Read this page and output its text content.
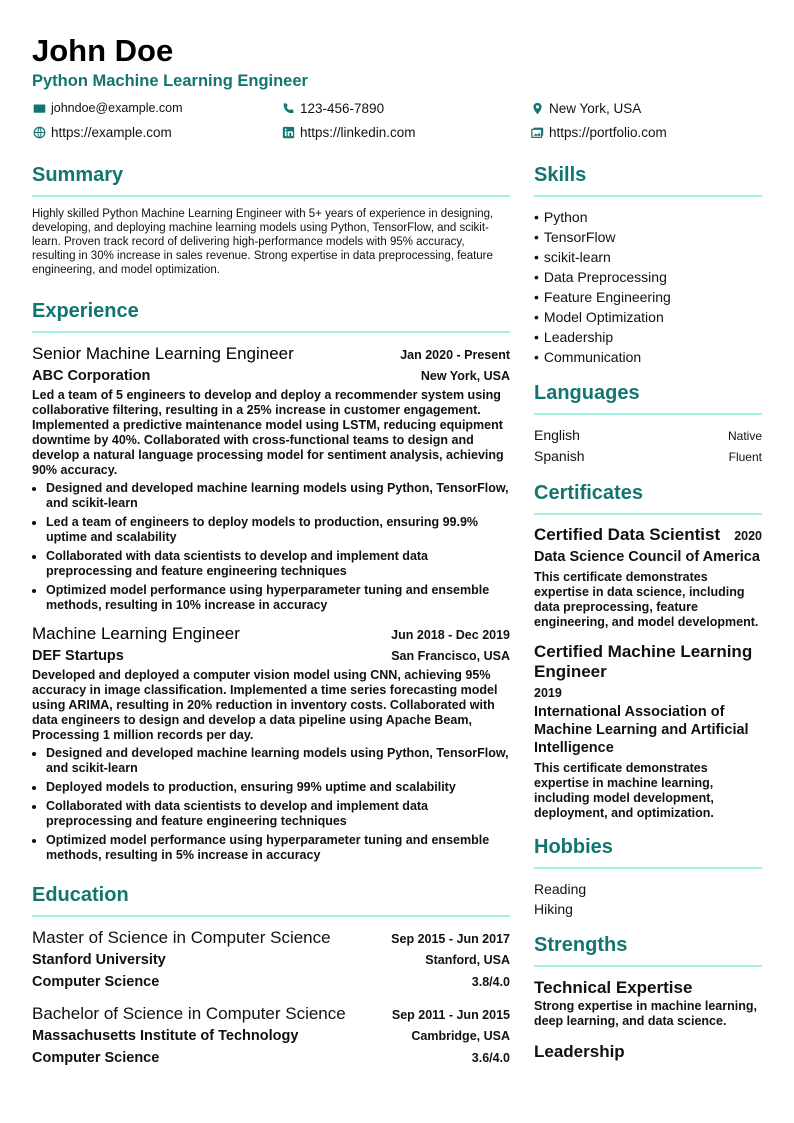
John Doe
Python Machine Learning Engineer
johndoe@example.com	123-456-7890	New York, USA
https://example.com	https://linkedin.com	https://portfolio.com
Summary
Highly skilled Python Machine Learning Engineer with 5+ years of experience in designing, developing, and deploying machine learning models using Python, TensorFlow, and scikit-learn. Proven track record of delivering high-performance models with 95% accuracy, resulting in 30% increase in sales revenue. Strong expertise in data preprocessing, feature engineering, and model optimization.
Experience
Senior Machine Learning Engineer	Jan 2020 - Present
ABC Corporation	New York, USA
Led a team of 5 engineers to develop and deploy a recommender system using collaborative filtering, resulting in a 25% increase in customer engagement. Implemented a predictive maintenance model using LSTM, reducing equipment downtime by 40%. Collaborated with cross-functional teams to design and develop a natural language processing model for sentiment analysis, achieving 90% accuracy.
• Designed and developed machine learning models using Python, TensorFlow, and scikit-learn
• Led a team of engineers to deploy models to production, ensuring 99.9% uptime and scalability
• Collaborated with data scientists to develop and implement data preprocessing and feature engineering techniques
• Optimized model performance using hyperparameter tuning and ensemble methods, resulting in 10% increase in accuracy
Machine Learning Engineer	Jun 2018 - Dec 2019
DEF Startups	San Francisco, USA
Developed and deployed a computer vision model using CNN, achieving 95% accuracy in image classification. Implemented a time series forecasting model using ARIMA, resulting in 20% reduction in inventory costs. Collaborated with data engineers to design and develop a data pipeline using Apache Beam, Processing 1 million records per day.
• Designed and developed machine learning models using Python, TensorFlow, and scikit-learn
• Deployed models to production, ensuring 99% uptime and scalability
• Collaborated with data scientists to develop and implement data preprocessing and feature engineering techniques
• Optimized model performance using hyperparameter tuning and ensemble methods, resulting in 5% increase in accuracy
Education
Master of Science in Computer Science	Sep 2015 - Jun 2017
Stanford University	Stanford, USA
Computer Science	3.8/4.0
Bachelor of Science in Computer Science	Sep 2011 - Jun 2015
Massachusetts Institute of Technology	Cambridge, USA
Computer Science	3.6/4.0
Skills
• Python
• TensorFlow
• scikit-learn
• Data Preprocessing
• Feature Engineering
• Model Optimization
• Leadership
• Communication
Languages
English	Native
Spanish	Fluent
Certificates
Certified Data Scientist 2020
Data Science Council of America
This certificate demonstrates expertise in data science, including data preprocessing, feature engineering, and model development.
Certified Machine Learning Engineer
2019
International Association of Machine Learning and Artificial Intelligence
This certificate demonstrates expertise in machine learning, including model development, deployment, and optimization.
Hobbies
Reading
Hiking
Strengths
Technical Expertise
Strong expertise in machine learning, deep learning, and data science.
Leadership
